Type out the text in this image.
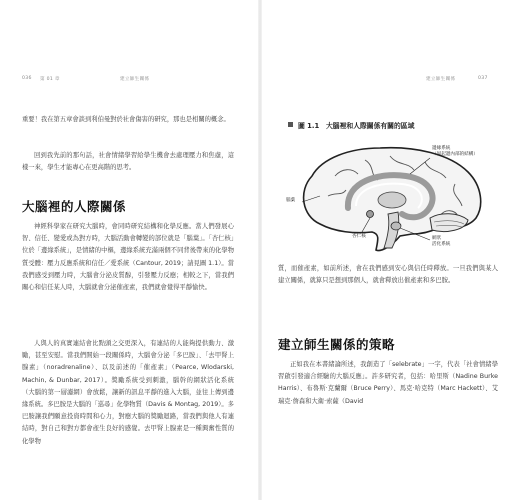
036 第 01 章	建立師生關係

重要！我在第五章會談到利伯曼對於社會傷害的研究，那也是相關的概念。

回到我先前的那句話，社會情緒學習給學生機會去處理壓力和焦慮，這樣一來，學生才能專心在更高階的思考。

大腦裡的人際關係

神經科學家在研究大腦時，會同時研究結構和化學反應。當人們發展心智、信任、變愛或為對方時，大腦活動會轉變的部位就是「腦葉」。「杏仁核」位於「邊緣系統」，是情緒的中樞，邊緣系統充滿兩個不同背後帶來的化學物質受體：壓力反應系統和信任／愛系統（Cantour, 2019；請見圖 1.1）。當我們感受到壓力時，大腦會分泌皮質醇，引發壓力反應；相較之下，當我們關心和信任某人時，大腦就會分泌催產素，我們就會覺得平靜愉快。

人與人的真實連結會比點頭之交更深入，有連結的人能夠提供動力、激勵，甚至安慰。當我們開始一段關係時，大腦會分泌「多巴胺」、「去甲腎上腺素」（noradrenaline）、以及前述的「催產素」（Pearce, Wlodarski, Machin, & Dunbar, 2017）。獎勵系統受到刺激，腦幹的網狀活化系統（大腦的第一層濾網）會放鬆，讓新的訊息平靜的進入大腦，並往上傳到邊緣系統。多巴胺是大腦的「巡尋」化學物質（Davis & Montag, 2019）。多巴胺讓我們願意投資時間和心力，對應大腦的獎勵迴路，當我們與他人有連結時，對自己和對方都會產生良好的感覺。去甲腎上腺素是一種興奮性質的化學物

建立師生關係	037
圖 1.1　大腦裡和人際關係有關的區域
邊緣系統
（固起邊內部的結構）
腦葉
杏仁核	網狀
活化系統

質，而催產素，如前所述，會在我們感到安心與信任時釋放。一旦我們與某人建立關係，就算只是想到那個人，就會釋放出催產素和多巴胺。

建立師生關係的策略

正如我在本書緒論所述，我創造了「selebrate」一字，代表「社會情緒學習啟引發適合經驗的大腦反應」。許多研究者，包括：哈里斯（Nadine Burke Harris）、布魯斯·克蘭爾（Bruce Perry）、馬克·哈克特（Marc Hackett）、艾瑞克·詹森和大衛·索薩（David
